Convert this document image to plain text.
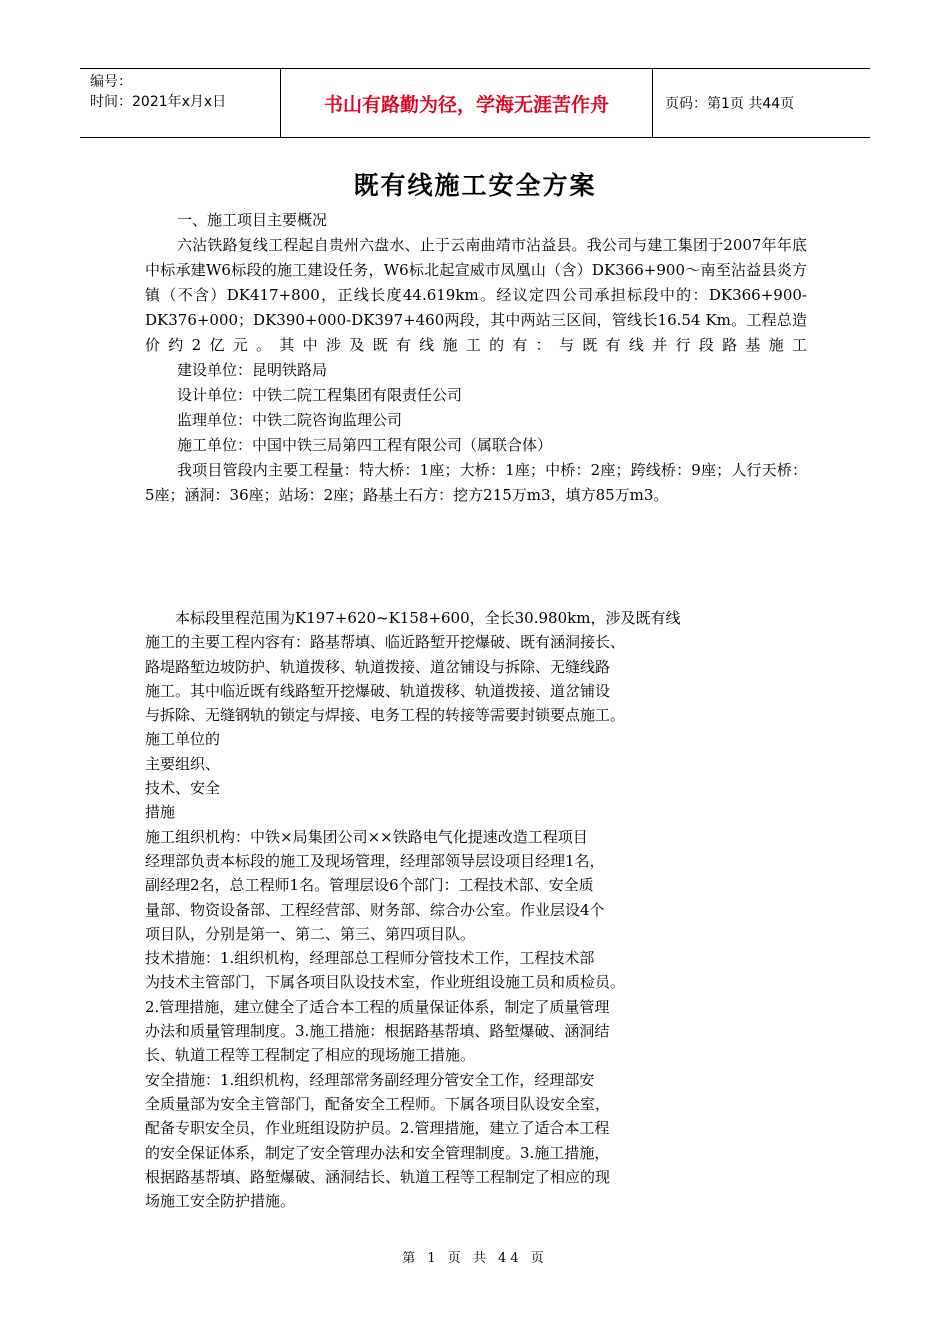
编号：
时间：2021年x月x日	书山有路勤为径，学海无涯苦作舟	页码：第1页 共44页
既有线施工安全方案
一、施工项目主要概况
六沾铁路复线工程起自贵州六盘水、止于云南曲靖市沾益县。我公司与建工集团于2007年年底中标承建W6标段的施工建设任务，W6标北起宣威市凤凰山（含）DK366+900～南至沾益县炎方镇（不含）DK417+800，正线长度44.619km。经议定四公司承担标段中的：DK366+900-DK376+000；DK390+000-DK397+460两段，其中两站三区间，管线长16.54 Km。工程总造价约2亿元。其中涉及既有线施工的有：与既有线并行段路基施工
建设单位：昆明铁路局
设计单位：中铁二院工程集团有限责任公司
监理单位：中铁二院咨询监理公司
施工单位：中国中铁三局第四工程有限公司（属联合体）
我项目管段内主要工程量：特大桥：1座；大桥：1座；中桥：2座；跨线桥：9座；人行天桥：5座；涵洞：36座；站场：2座；路基土石方：挖方215万m3，填方85万m3。
　　本标段里程范围为K197+620~K158+600，全长30.980km，涉及既有线
施工的主要工程内容有：路基帮填、临近路堑开挖爆破、既有涵洞接长、
路堤路堑边坡防护、轨道拨移、轨道拨接、道岔铺设与拆除、无缝线路
施工。其中临近既有线路堑开挖爆破、轨道拨移、轨道拨接、道岔铺设
与拆除、无缝钢轨的锁定与焊接、电务工程的转接等需要封锁要点施工。
施工单位的
主要组织、
技术、安全
措施
施工组织机构：中铁×局集团公司××铁路电气化提速改造工程项目
经理部负责本标段的施工及现场管理，经理部领导层设项目经理1名，
副经理2名，总工程师1名。管理层设6个部门：工程技术部、安全质
量部、物资设备部、工程经营部、财务部、综合办公室。作业层设4个
项目队，分别是第一、第二、第三、第四项目队。
技术措施：1.组织机构，经理部总工程师分管技术工作，工程技术部
为技术主管部门，下属各项目队设技术室，作业班组设施工员和质检员。
2.管理措施，建立健全了适合本工程的质量保证体系，制定了质量管理
办法和质量管理制度。3.施工措施：根据路基帮填、路堑爆破、涵洞结
长、轨道工程等工程制定了相应的现场施工措施。
安全措施：1.组织机构，经理部常务副经理分管安全工作，经理部安
全质量部为安全主管部门，配备安全工程师。下属各项目队设安全室，
配备专职安全员，作业班组设防护员。2.管理措施，建立了适合本工程
的安全保证体系，制定了安全管理办法和安全管理制度。3.施工措施，
根据路基帮填、路堑爆破、涵洞结长、轨道工程等工程制定了相应的现
场施工安全防护措施。
第 1 页 共 44 页
